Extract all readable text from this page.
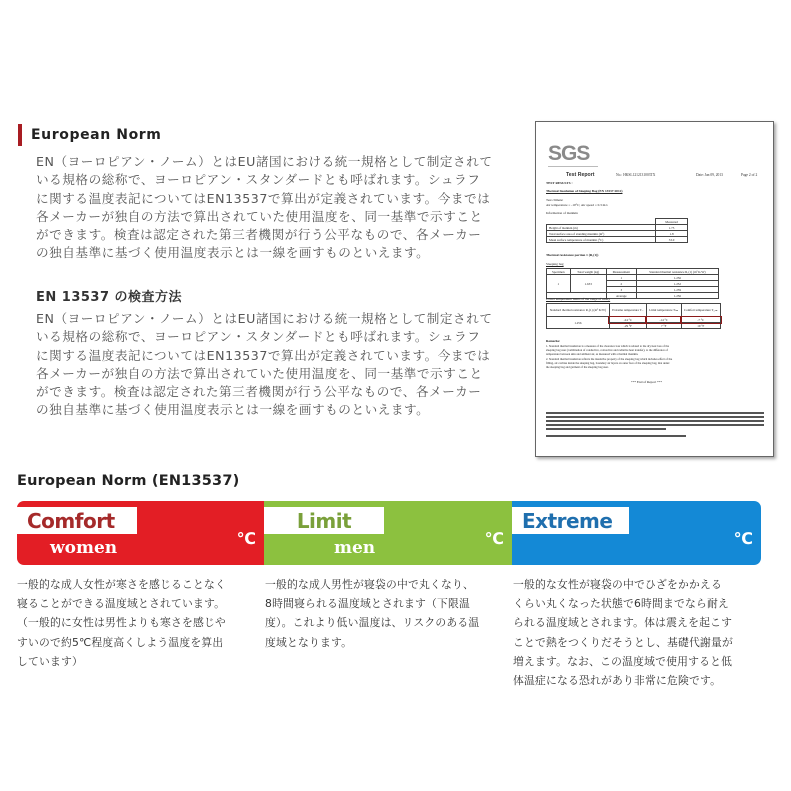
European Norm

EN（ヨーロピアン・ノーム）とはEU諸国における統一規格として制定されて

いる規格の総称で、ヨーロピアン・スタンダードとも呼ばれます。シュラフ

に関する温度表記についてはEN13537で算出が定義されています。今までは

各メーカーが独自の方法で算出されていた使用温度を、同一基準で示すこと

ができます。検査は認定された第三者機関が行う公平なもので、各メーカー

の独自基準に基づく使用温度表示とは一線を画すものといえます。

EN 13537 の検査方法

EN（ヨーロピアン・ノーム）とはEU諸国における統一規格として制定されて

いる規格の総称で、ヨーロピアン・スタンダードとも呼ばれます。シュラフ

に関する温度表記についてはEN13537で算出が定義されています。今までは

各メーカーが独自の方法で算出されていた使用温度を、同一基準で示すこと

ができます。検査は認定された第三者機関が行う公平なもので、各メーカー

の独自基準に基づく使用温度表示とは一線を画すものといえます。

SGS
Test Report	No.: HKSL1212131003TX	Date: Jan 09, 2013	Page 2 of 2
TEST RESULTS :
Thermal Insulation of Sleeping Bag (EN 13537:2012)
Test climate:
Air temperature = -10°C; Air speed = 0.3 m/s
Information of manikin
	Measured
Height of manikin (m)	1.75
Total surface area of standing manikin (m²)	1.8
Mean surface temperature of manikin (°C)	33.0
Thermal resistance portion 1 (R₁(1))
Sleeping bag
Specimen	Total weight (kg)	Measurement	Standard thermal resistance R₁(1) (m² K/W)
1	1.633	1	1.256
		2	1.252
		3	1.259
		Average	1.256
Lower temperature limits of the range of utility
Standard thermal resistance R₁(1) (m² K/W)	Extreme temperature Tₑₓ	Limit temperature Tₗᵢₘ	Comfort temperature T꜀ₒₘ
1.256	-24 °C	-14 °C	-7 °C
	-29 °F	7 °F	19 °F
Remarks:
1. Standard thermal insulation is a measure of the clearance loss which is related to the dry heat loss of the
sleeping bag user (combination of conductive, convective and radiative heat transfer), to the difference of
temperature between skin and ambient air, as measured with a thermal manikin.
2. Standard thermal insulation reflects the insulative property of the sleeping bag which includes effect of the
filling, air cavities inside the sleeping bag, boundary air layers on outer face of the sleeping bag, mat under
the sleeping bag and garment of the sleeping bag user.
*** End of Report ***
European Norm (EN13537)
Comfort
women	℃
Limit
men	℃
Extreme
℃

一般的な成人女性が寒さを感じることなく

寝ることができる温度域とされています。

（一般的に女性は男性よりも寒さを感じや

すいので約5℃程度高くしよう温度を算出

しています）

一般的な成人男性が寝袋の中で丸くなり、

8時間寝られる温度域とされます（下限温

度）。これより低い温度は、リスクのある温

度域となります。

一般的な女性が寝袋の中でひざをかかえる

くらい丸くなった状態で6時間までなら耐え

られる温度域とされます。体は震えを起こす

ことで熱をつくりだそうとし、基礎代謝量が

増えます。なお、この温度域で使用すると低

体温症になる恐れがあり非常に危険です。
